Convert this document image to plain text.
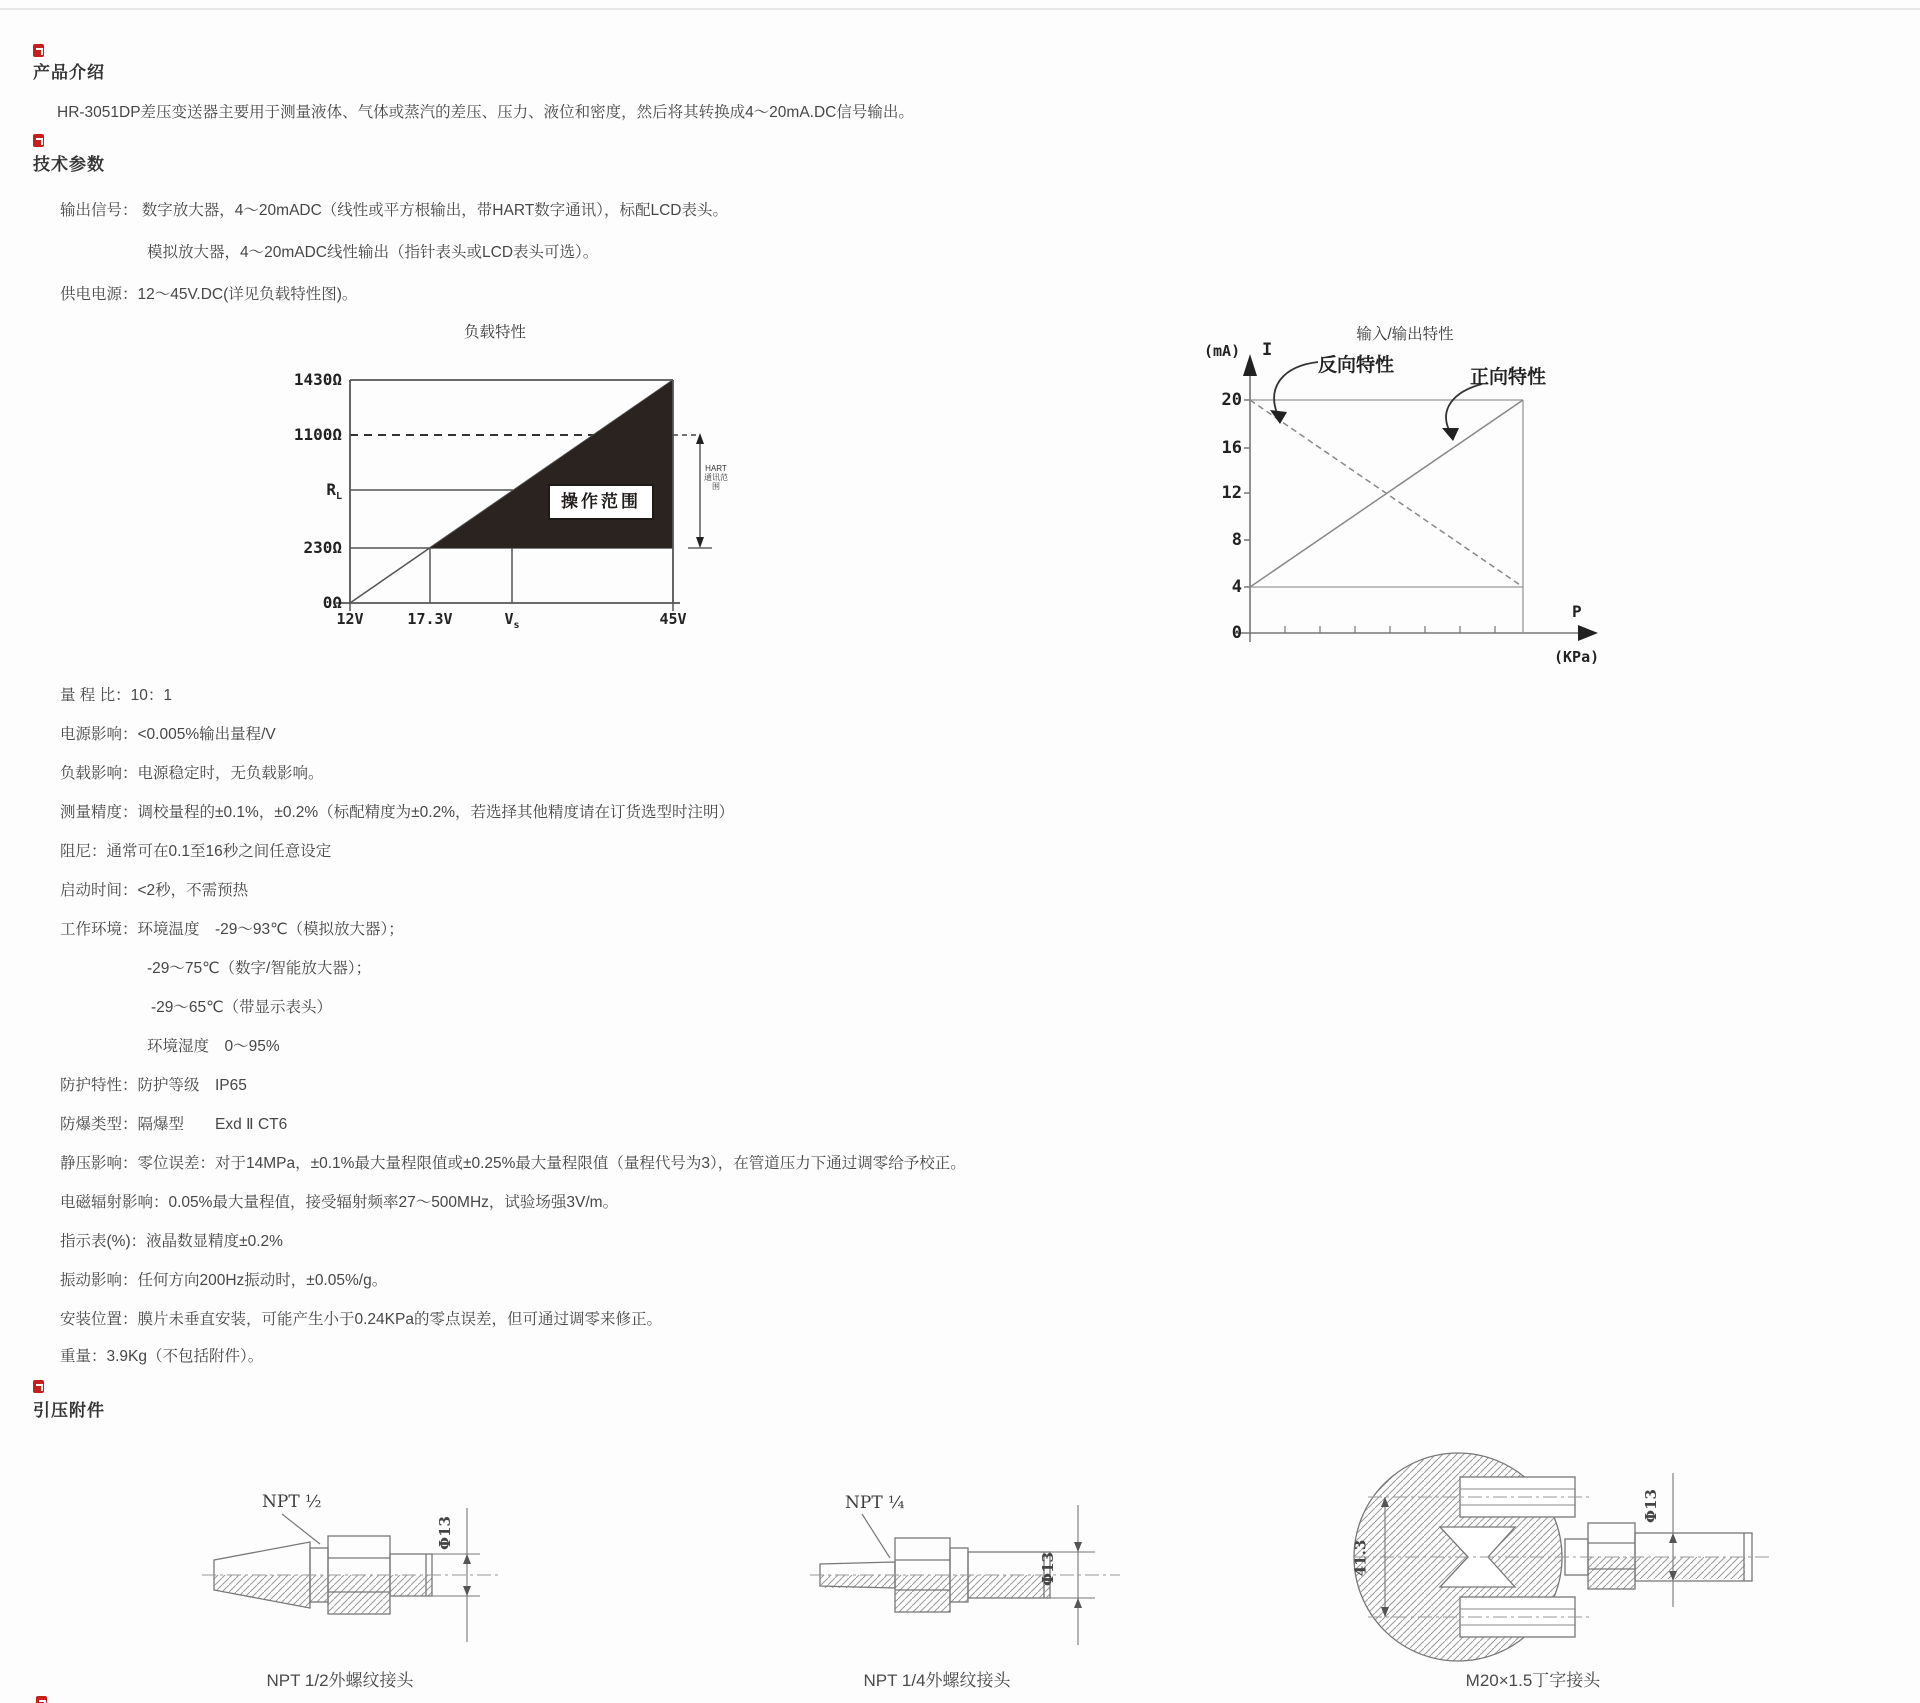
产品介绍
HR-3051DP差压变送器主要用于测量液体、气体或蒸汽的差压、压力、液位和密度，然后将其转换成4～20mA.DC信号输出。
技术参数
输出信号： 数字放大器，4～20mADC（线性或平方根输出，带HART数字通讯），标配LCD表头。
模拟放大器，4～20mADC线性输出（指针表头或LCD表头可选）。
供电电源：12～45V.DC(详见负载特性图)。
负载特性
1430Ω
1100Ω
$R_L$
230Ω
0Ω
12V	17.3V	$V_s$	45V
操作范围
HART
通讯范围
输入/输出特性
(mA) I
20
16
12
8
4
0
反向特性
正向特性
P
(KPa)
量 程 比：10：1
电源影响：<0.005%输出量程/V
负载影响：电源稳定时，无负载影响。
测量精度：调校量程的±0.1%，±0.2%（标配精度为±0.2%，若选择其他精度请在订货选型时注明）
阻尼：通常可在0.1至16秒之间任意设定
启动时间：<2秒，不需预热
工作环境：环境温度　-29～93℃（模拟放大器）；
-29～75℃（数字/智能放大器）；
-29～65℃（带显示表头）
环境湿度　0～95%
防护特性：防护等级　IP65
防爆类型：隔爆型　　Exd Ⅱ CT6
静压影响：零位误差：对于14MPa，±0.1%最大量程限值或±0.25%最大量程限值（量程代号为3），在管道压力下通过调零给予校正。
电磁辐射影响：0.05%最大量程值，接受辐射频率27～500MHz，试验场强3V/m。
指示表(%)：液晶数显精度±0.2%
振动影响：任何方向200Hz振动时，±0.05%/g。
安装位置：膜片未垂直安装，可能产生小于0.24KPa的零点误差，但可通过调零来修正。
重量：3.9Kg（不包括附件）。
引压附件
NPT ½
Φ13
NPT ¼
Φ13	41.3
Φ13
NPT 1/2外螺纹接头	NPT 1/4外螺纹接头	M20×1.5丁字接头
